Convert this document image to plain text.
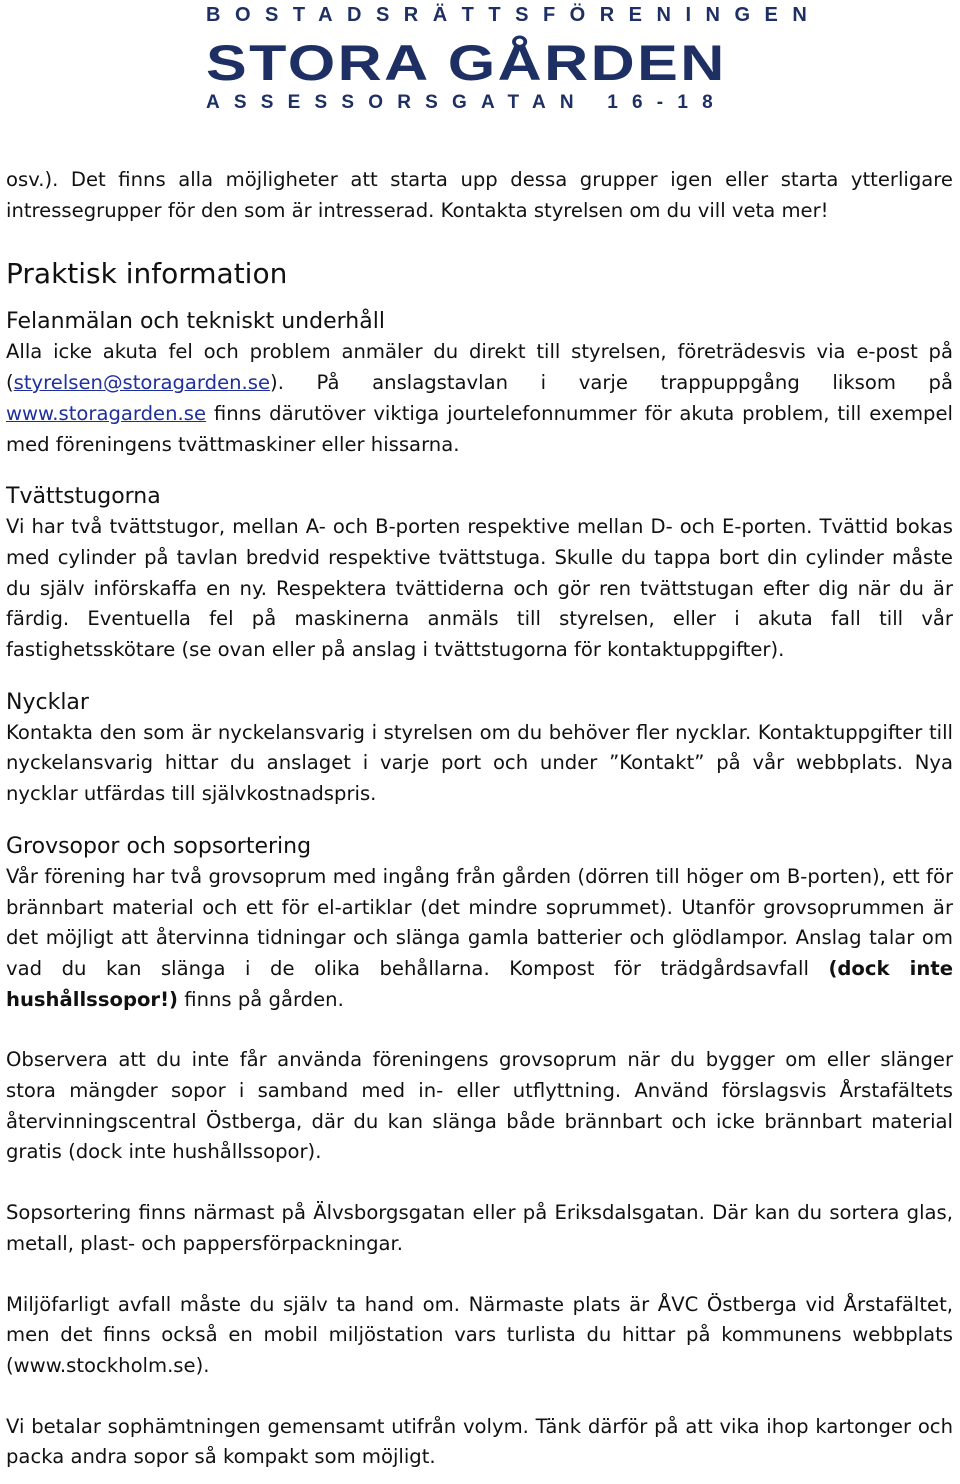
BOSTADSRÄTTSFÖRENINGEN
STORA GÅRDEN
ASSESSORSGATAN 16-18

osv.). Det finns alla möjligheter att starta upp dessa grupper igen eller starta ytterligare intressegrupper för den som är intresserad. Kontakta styrelsen om du vill veta mer!

Praktisk information
Felanmälan och tekniskt underhåll

Alla icke akuta fel och problem anmäler du direkt till styrelsen, företrädesvis via e-post på (styrelsen@storagarden.se). På anslagstavlan i varje trappuppgång liksom på www.storagarden.se finns därutöver viktiga jourtelefonnummer för akuta problem, till exempel med föreningens tvättmaskiner eller hissarna.

Tvättstugorna

Vi har två tvättstugor, mellan A- och B-porten respektive mellan D- och E-porten. Tvättid bokas med cylinder på tavlan bredvid respektive tvättstuga. Skulle du tappa bort din cylinder måste du själv införskaffa en ny. Respektera tvättiderna och gör ren tvättstugan efter dig när du är färdig. Eventuella fel på maskinerna anmäls till styrelsen, eller i akuta fall till vår fastighetsskötare (se ovan eller på anslag i tvättstugorna för kontaktuppgifter).

Nycklar

Kontakta den som är nyckelansvarig i styrelsen om du behöver fler nycklar. Kontaktuppgifter till nyckelansvarig hittar du anslaget i varje port och under ”Kontakt” på vår webbplats. Nya nycklar utfärdas till självkostnadspris.

Grovsopor och sopsortering

Vår förening har två grovsoprum med ingång från gården (dörren till höger om B-porten), ett för brännbart material och ett för el-artiklar (det mindre soprummet). Utanför grovsoprummen är det möjligt att återvinna tidningar och slänga gamla batterier och glödlampor. Anslag talar om vad du kan slänga i de olika behållarna. Kompost för trädgårdsavfall (dock inte hushållssopor!) finns på gården.

Observera att du inte får använda föreningens grovsoprum när du bygger om eller slänger stora mängder sopor i samband med in- eller utflyttning. Använd förslagsvis Årstafältets återvinningscentral Östberga, där du kan slänga både brännbart och icke brännbart material gratis (dock inte hushållssopor).

Sopsortering finns närmast på Älvsborgsgatan eller på Eriksdalsgatan. Där kan du sortera glas, metall, plast- och pappersförpackningar.

Miljöfarligt avfall måste du själv ta hand om. Närmaste plats är ÅVC Östberga vid Årstafältet, men det finns också en mobil miljöstation vars turlista du hittar på kommunens webbplats (www.stockholm.se).

Vi betalar sophämtningen gemensamt utifrån volym. Tänk därför på att vika ihop kartonger och packa andra sopor så kompakt som möjligt.
